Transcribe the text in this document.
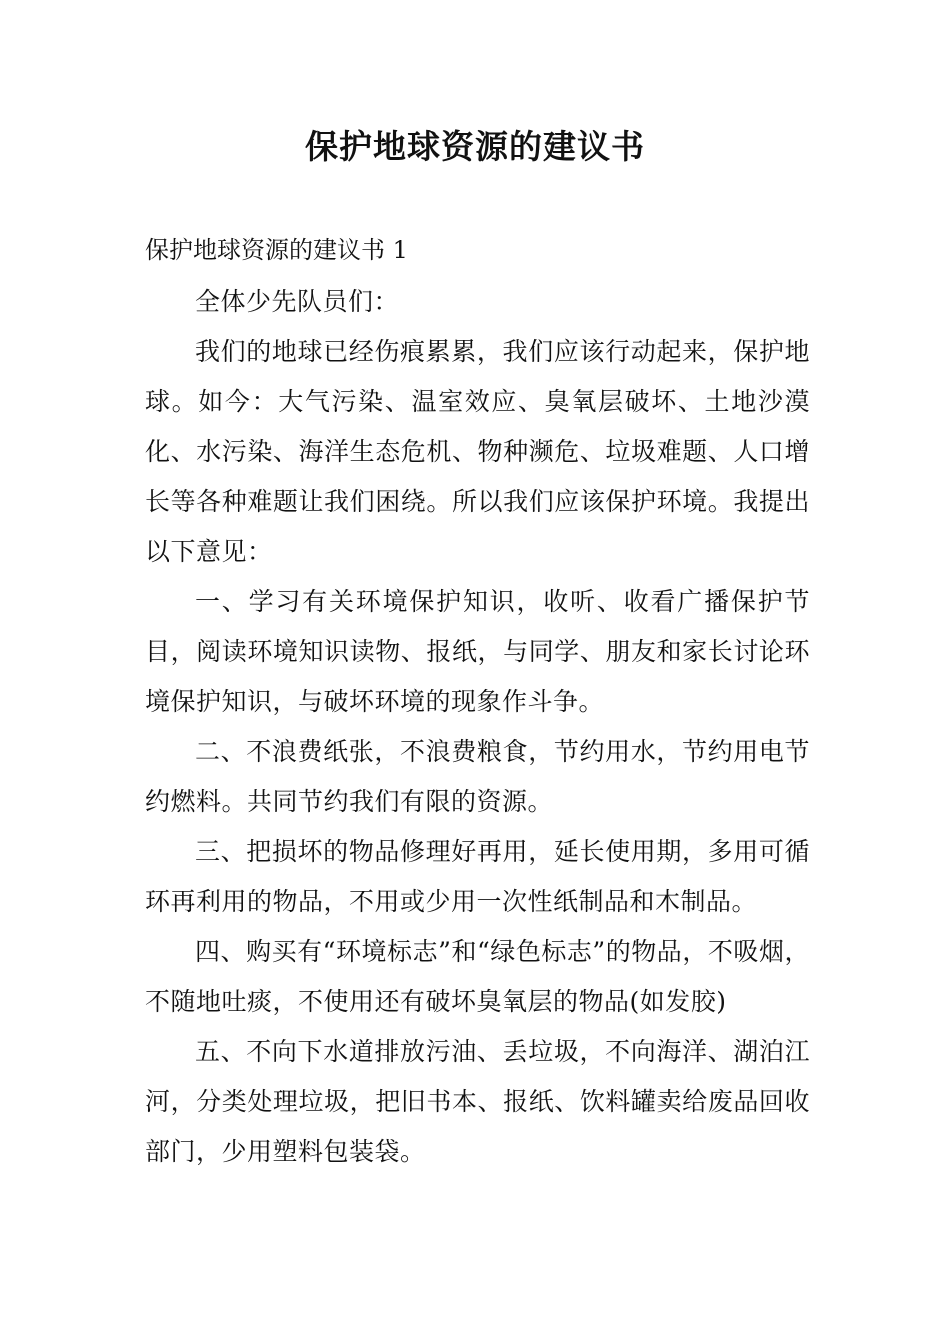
保护地球资源的建议书
保护地球资源的建议书 1

全体少先队员们：

我们的地球已经伤痕累累，我们应该行动起来，保护地球。如今：大气污染、温室效应、臭氧层破坏、土地沙漠化、水污染、海洋生态危机、物种濒危、垃圾难题、人口增长等各种难题让我们困绕。所以我们应该保护环境。我提出以下意见：

一、学习有关环境保护知识，收听、收看广播保护节目，阅读环境知识读物、报纸，与同学、朋友和家长讨论环境保护知识，与破坏环境的现象作斗争。

二、不浪费纸张，不浪费粮食，节约用水，节约用电节约燃料。共同节约我们有限的资源。

三、把损坏的物品修理好再用，延长使用期，多用可循环再利用的物品，不用或少用一次性纸制品和木制品。

四、购买有“环境标志”和“绿色标志”的物品，不吸烟，不随地吐痰，不使用还有破坏臭氧层的物品(如发胶)

五、不向下水道排放污油、丢垃圾，不向海洋、湖泊江河，分类处理垃圾，把旧书本、报纸、饮料罐卖给废品回收部门，少用塑料包装袋。
